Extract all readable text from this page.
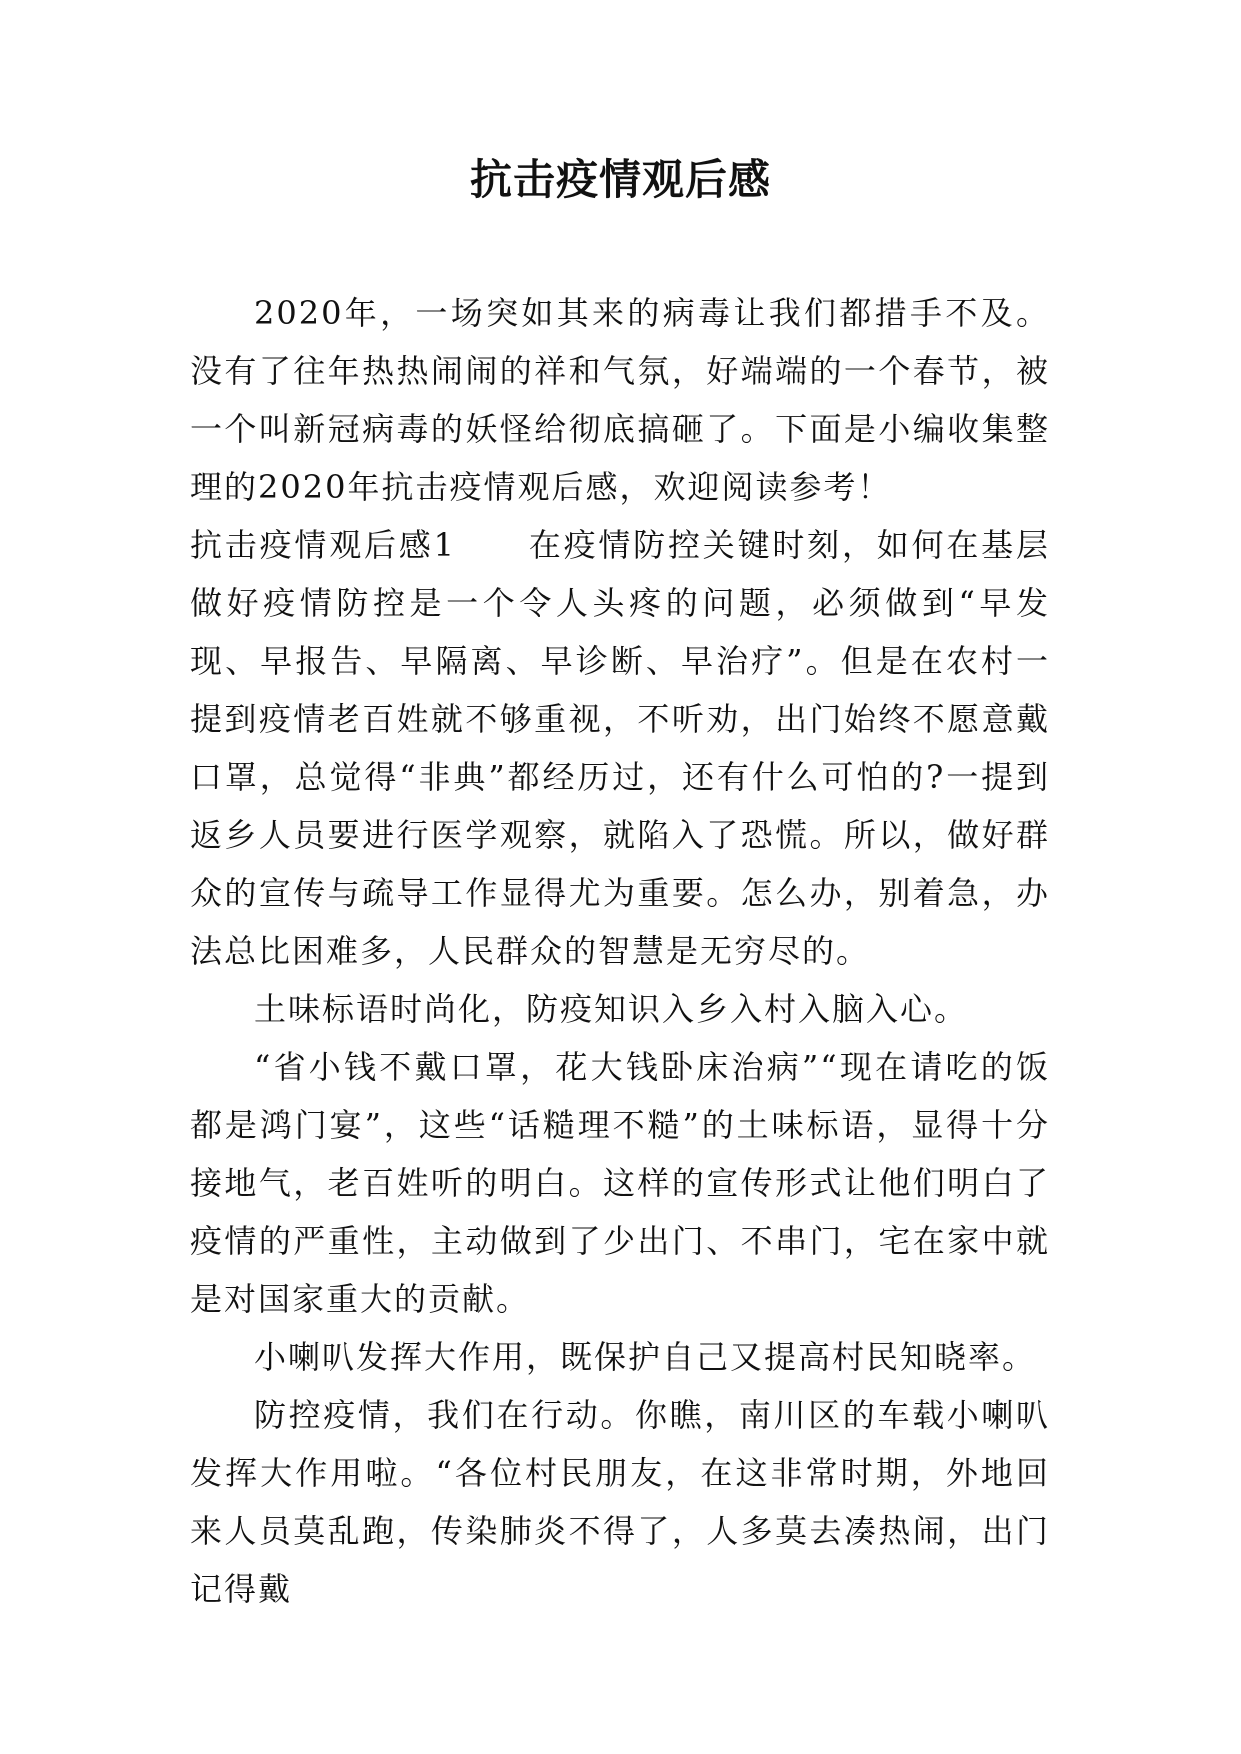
抗击疫情观后感

2020年，一场突如其来的病毒让我们都措手不及。没有了往年热热闹闹的祥和气氛，好端端的一个春节，被一个叫新冠病毒的妖怪给彻底搞砸了。下面是小编收集整理的2020年抗击疫情观后感，欢迎阅读参考！

抗击疫情观后感1 在疫情防控关键时刻，如何在基层做好疫情防控是一个令人头疼的问题，必须做到“早发现、早报告、早隔离、早诊断、早治疗”。但是在农村一提到疫情老百姓就不够重视，不听劝，出门始终不愿意戴口罩，总觉得“非典”都经历过，还有什么可怕的?一提到返乡人员要进行医学观察，就陷入了恐慌。所以，做好群众的宣传与疏导工作显得尤为重要。怎么办，别着急，办法总比困难多，人民群众的智慧是无穷尽的。

土味标语时尚化，防疫知识入乡入村入脑入心。

“省小钱不戴口罩，花大钱卧床治病”“现在请吃的饭都是鸿门宴”，这些“话糙理不糙”的土味标语，显得十分接地气，老百姓听的明白。这样的宣传形式让他们明白了疫情的严重性，主动做到了少出门、不串门，宅在家中就是对国家重大的贡献。

小喇叭发挥大作用，既保护自己又提高村民知晓率。

防控疫情，我们在行动。你瞧，南川区的车载小喇叭发挥大作用啦。“各位村民朋友，在这非常时期，外地回来人员莫乱跑，传染肺炎不得了，人多莫去凑热闹，出门记得戴
